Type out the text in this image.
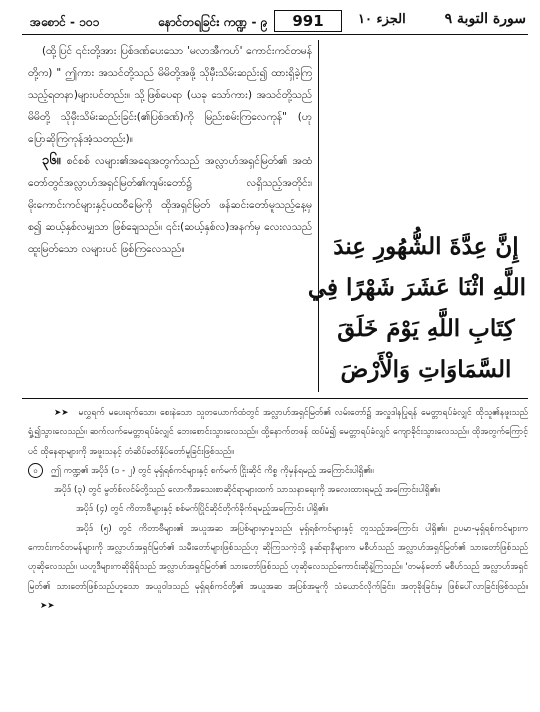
အစောင် - ၁၀၁	နောင်တရခြင်း ကဏ္ဍ - ၉	991	الجزء ١٠	سورة التوبة ٩

(ထို့ပြင် ၎င်းတို့အား ပြစ်ဒဏ်ပေးသော 'မလာအီကဟ်' ကောင်းကင်တမန်တို့က) " ဤကား အသင်တို့သည် မိမိတို့အဖို့ သိုမှီးသိမ်းဆည်း၍ ထားရှိခဲ့ကြသည့်ရတနာ)များပင်တည်း။ သို့ဖြစ်ပေရာ (ယခု သော်ကား) အသင်တို့သည် မိမိတို့ သိုမှီးသိမ်းဆည်းခြင်း(၏ပြစ်ဒဏ်)ကို မြည်းစမ်းကြလေကုန်" (ဟု ပြောဆိုကြကုန်အံ့သတည်း)။

၃၆။ စင်စစ် လများ၏အရေအတွက်သည် အလ္လာဟ်အရှင်မြတ်၏ အထံတော်တွင်အလ္လာဟ်အရှင်မြတ်၏ကျမ်းတော်၌ လရှိသည့်အတိုင်း၊ မိုးကောင်းကင်များနှင့်ပထဝီမြေကို ထိုအရှင်မြတ် ဖန်ဆင်းတော်မူသည့်နေ့မှစ၍ ဆယ့်နှစ်လမျှသာ ဖြစ်ချေသည်။ ၎င်း(ဆယ့်နှစ်လ)အနက်မှ လေးလသည် ထူးမြတ်သော လများပင် ဖြစ်ကြလေသည်။	إِنَّ عِدَّةَ الشُّهُورِ عِندَ
اللَّهِ اثْنَا عَشَرَ شَهْرًا فِي
كِتَابِ اللَّهِ يَوْمَ خَلَقَ
السَّمَاوَاتِ وَالْأَرْضَ

➤➤ မလွှရက် မပေးရက်သော၊ စေးနဲသော သူတယောက်ထံတွင် အလ္လာဟ်အရှင်မြတ်၏ လမ်းတော်၌ အလှူဒါနပြုရန် မေတ္တာရပ်ခံလျှင် ထိုသူ၏နဖူးသည် ရှုံ့၍သွားလေသည်။ ဆက်လက်မေတ္တာရပ်ခံလျှင် ဘေးစောင်းသွားလေသည်။ ထို့နောက်တဖန် ထပ်မံ၍ မေတ္တာရပ်ခံလျှင် ကျောခိုင်းသွားလေသည်။ ထိုအတွက်ကြောင့်ပင် ထိုနေရာများကို အဖူးသနင့် တံဆိပ်ခတ်နှိပ်တော်မူခြင်းဖြစ်သည်။

ဝ ဤ ကဏ္ဍ၏ အပိုဒ် (၁ - ၂) တွင် မုရှ်ရစ်ကင်များနှင့် စက်မက် ငြိုးဆိုင် ကိစ္စ ကိုမှန်ရမည့် အကြောင်းပါရှိ၏။

အပိုဒ် (၃) တွင် မွတ်စ်လင်မ်တို့သည် လောကီအသေးစာဆိုင်ရာများထက် သာသနာရေးကို အလေးထားရမည့် အကြောင်းပါရှိ၏။

အပိုဒ် (၄) တွင် ကိတာဗီများနှင့် စစ်မက်ပြိုင်ဆိုင်တိုက်ခိုက်ရမည့်အကြောင်း ပါရှိ၏။

အပိုဒ် (၅) တွင် ကိတာဗီများ၏ အယူအဆ အပြစ်များမှာမှုသည်၊ မုရှ်ရစ်ကင်များနှင့် တူသည့်အကြောင်း ပါရှိ၏။ ဥပမာ-မုရှ်ရစ်ကင်များက ကောင်းကင်တမန်များကို အလ္လာဟ်အရှင်မြတ်၏ သမီးတော်များဖြစ်သည်ဟု ဆိုကြသကဲ့သို့ နဆ်ရာနီများက မစီဟ်သည် အလ္လာဟ်အရှင်မြတ်၏ သားတော်ဖြစ်သည်ဟုဆိုလေသည်။ ယဟူဒီများကဆိုရှိရ်သည် အလ္လာဟ်အရှင်မြတ်၏ သားတော်ဖြစ်သည် ဟုဆိုလေသည်ကောင်းဆိုနဲ့ကြသည်။ 'တမန်တော် မစီဟ်သည် အလ္လာဟ်အရှင်မြတ်၏ သားတော်ဖြစ်သည်ဟူသော အယူဝါဒသည် မုရှ်ရစ်ကင်တို့၏ အယူအဆ အပြစ်အမူကို သံယောင်လိုက်ခြင်း၊ အတုခိုးခြင်းမှ ဖြစ်ပေါ်လာခြင်းဖြစ်သည်။➤➤
